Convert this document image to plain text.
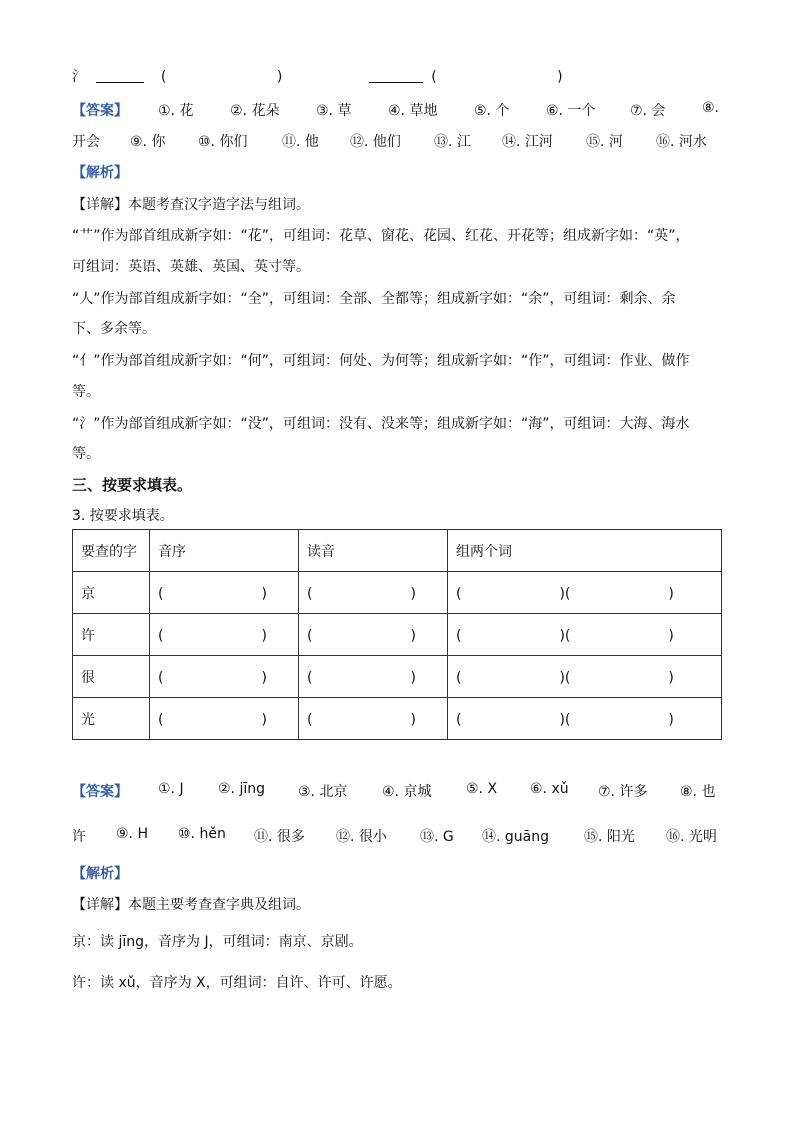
氵	(	)	(	)
【答案】 ①. 花	②. 花朵	③. 草	④. 草地	⑤. 个	⑥. 一个 ⑦. 会	⑧.
开会 ⑨. 你 ⑩. 你们 ⑪. 他 ⑫. 他们 ⑬. 江 ⑭. 江河 ⑮. 河 ⑯. 河水
【解析】
【详解】本题考查汉字造字法与组词。
“艹”作为部首组成新字如：“花”，可组词：花草、窗花、花园、红花、开花等；组成新字如：“英”，
可组词：英语、英雄、英国、英寸等。
“人”作为部首组成新字如：“全”，可组词：全部、全都等；组成新字如：“余”，可组词：剩余、余
下、多余等。
“亻”作为部首组成新字如：“何”，可组词：何处、为何等；组成新字如：“作”，可组词：作业、做作
等。
“氵”作为部首组成新字如：“没”，可组词：没有、没来等；组成新字如：“海”，可组词：大海、海水
等。
三、按要求填表。
3. 按要求填表。
要查的字	音序	读音	组两个词
京	(　　　　　　　)	(　　　　　　　)	(　　　　　　　)(　　　　　　　)
许	(　　　　　　　)	(　　　　　　　)	(　　　　　　　)(　　　　　　　)
很	(　　　　　　　)	(　　　　　　　)	(　　　　　　　)(　　　　　　　)
光	(　　　　　　　)	(　　　　　　　)	(　　　　　　　)(　　　　　　　)
【答案】 ①. J ②. jīng ③. 北京 ④. 京城 ⑤. X ⑥. xǔ ⑦. 许多 ⑧. 也
许 ⑨. H ⑩. hěn ⑪. 很多 ⑫. 很小 ⑬. G ⑭. guāng	⑮. 阳光 ⑯. 光明
【解析】
【详解】本题主要考查查字典及组词。
京：读 jīng，音序为 J，可组词：南京、京剧。
许：读 xǔ，音序为 X，可组词：自许、许可、许愿。
